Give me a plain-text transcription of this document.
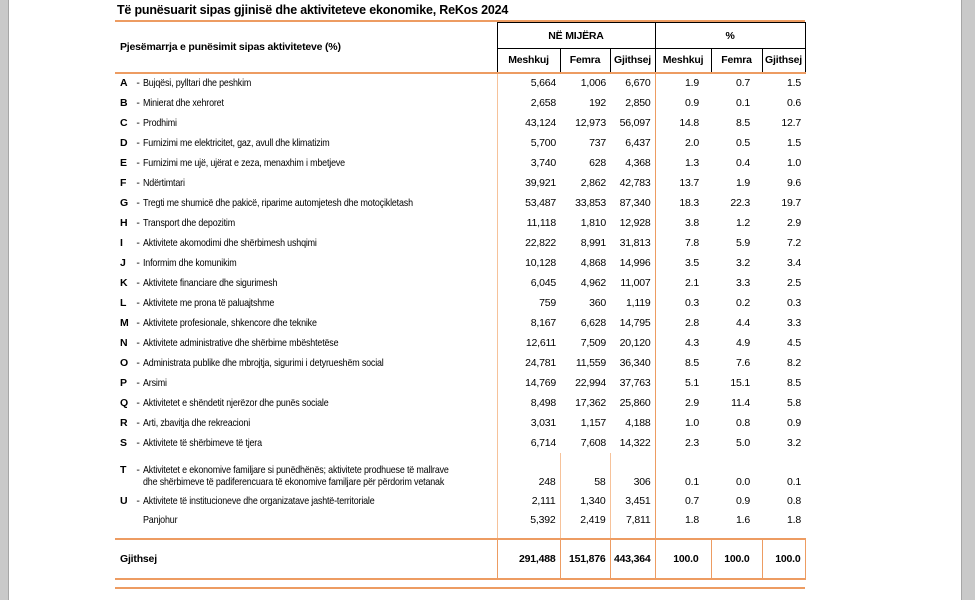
Të punësuarit sipas gjinisë dhe aktiviteteve ekonomike, ReKos 2024
Pjesëmarrja e punësimit sipas aktiviteteve (%)	NË MIJËRA			%		
	Meshkuj	Femra	Gjithsej	Meshkuj	Femra	Gjithsej

A - Bujqësi, pylltari dhe peshkim	5,664	1,006	6,670	1.9	0.7	1.5

B - Minierat dhe xehroret	2,658	192	2,850	0.9	0.1	0.6

C - Prodhimi	43,124	12,973	56,097	14.8	8.5	12.7

D - Furnizimi me elektricitet, gaz, avull dhe klimatizim	5,700	737	6,437	2.0	0.5	1.5

E - Furnizimi me ujë, ujërat e zeza, menaxhim i mbetjeve	3,740	628	4,368	1.3	0.4	1.0

F - Ndërtimtari	39,921	2,862	42,783	13.7	1.9	9.6

G - Tregti me shumicë dhe pakicë, riparime automjetesh dhe motoçikletash	53,487	33,853	87,340	18.3	22.3	19.7

H - Transport dhe depozitim	11,118	1,810	12,928	3.8	1.2	2.9

I - Aktivitete akomodimi dhe shërbimesh ushqimi	22,822	8,991	31,813	7.8	5.9	7.2

J - Informim dhe komunikim	10,128	4,868	14,996	3.5	3.2	3.4

K - Aktivitete financiare dhe sigurimesh	6,045	4,962	11,007	2.1	3.3	2.5

L - Aktivitete me prona të paluajtshme	759	360	1,119	0.3	0.2	0.3

M - Aktivitete profesionale, shkencore dhe teknike	8,167	6,628	14,795	2.8	4.4	3.3

N - Aktivitete administrative dhe shërbime mbështetëse	12,611	7,509	20,120	4.3	4.9	4.5

O - Administrata publike dhe mbrojtja, sigurimi i detyrueshëm social	24,781	11,559	36,340	8.5	7.6	8.2

P - Arsimi	14,769	22,994	37,763	5.1	15.1	8.5

Q - Aktivitetet e shëndetit njerëzor dhe punës sociale	8,498	17,362	25,860	2.9	11.4	5.8

R - Arti, zbavitja dhe rekreacioni	3,031	1,157	4,188	1.0	0.8	0.9

S - Aktivitete të shërbimeve të tjera	6,714	7,608	14,322	2.3	5.0	3.2

T - Aktivitetet e ekonomive familjare si punëdhënës; aktivitete prodhuese të mallrave
dhe shërbimeve të padiferencuara të ekonomive familjare për përdorim vetanak	248	58	306	0.1	0.0	0.1

U - Aktivitete të institucioneve dhe organizatave jashtë-territoriale	2,111	1,340	3,451	0.7	0.9	0.8

Panjohur	5,392	2,419	7,811	1.8	1.6	1.8
Gjithsej	291,488	151,876	443,364	100.0	100.0	100.0
